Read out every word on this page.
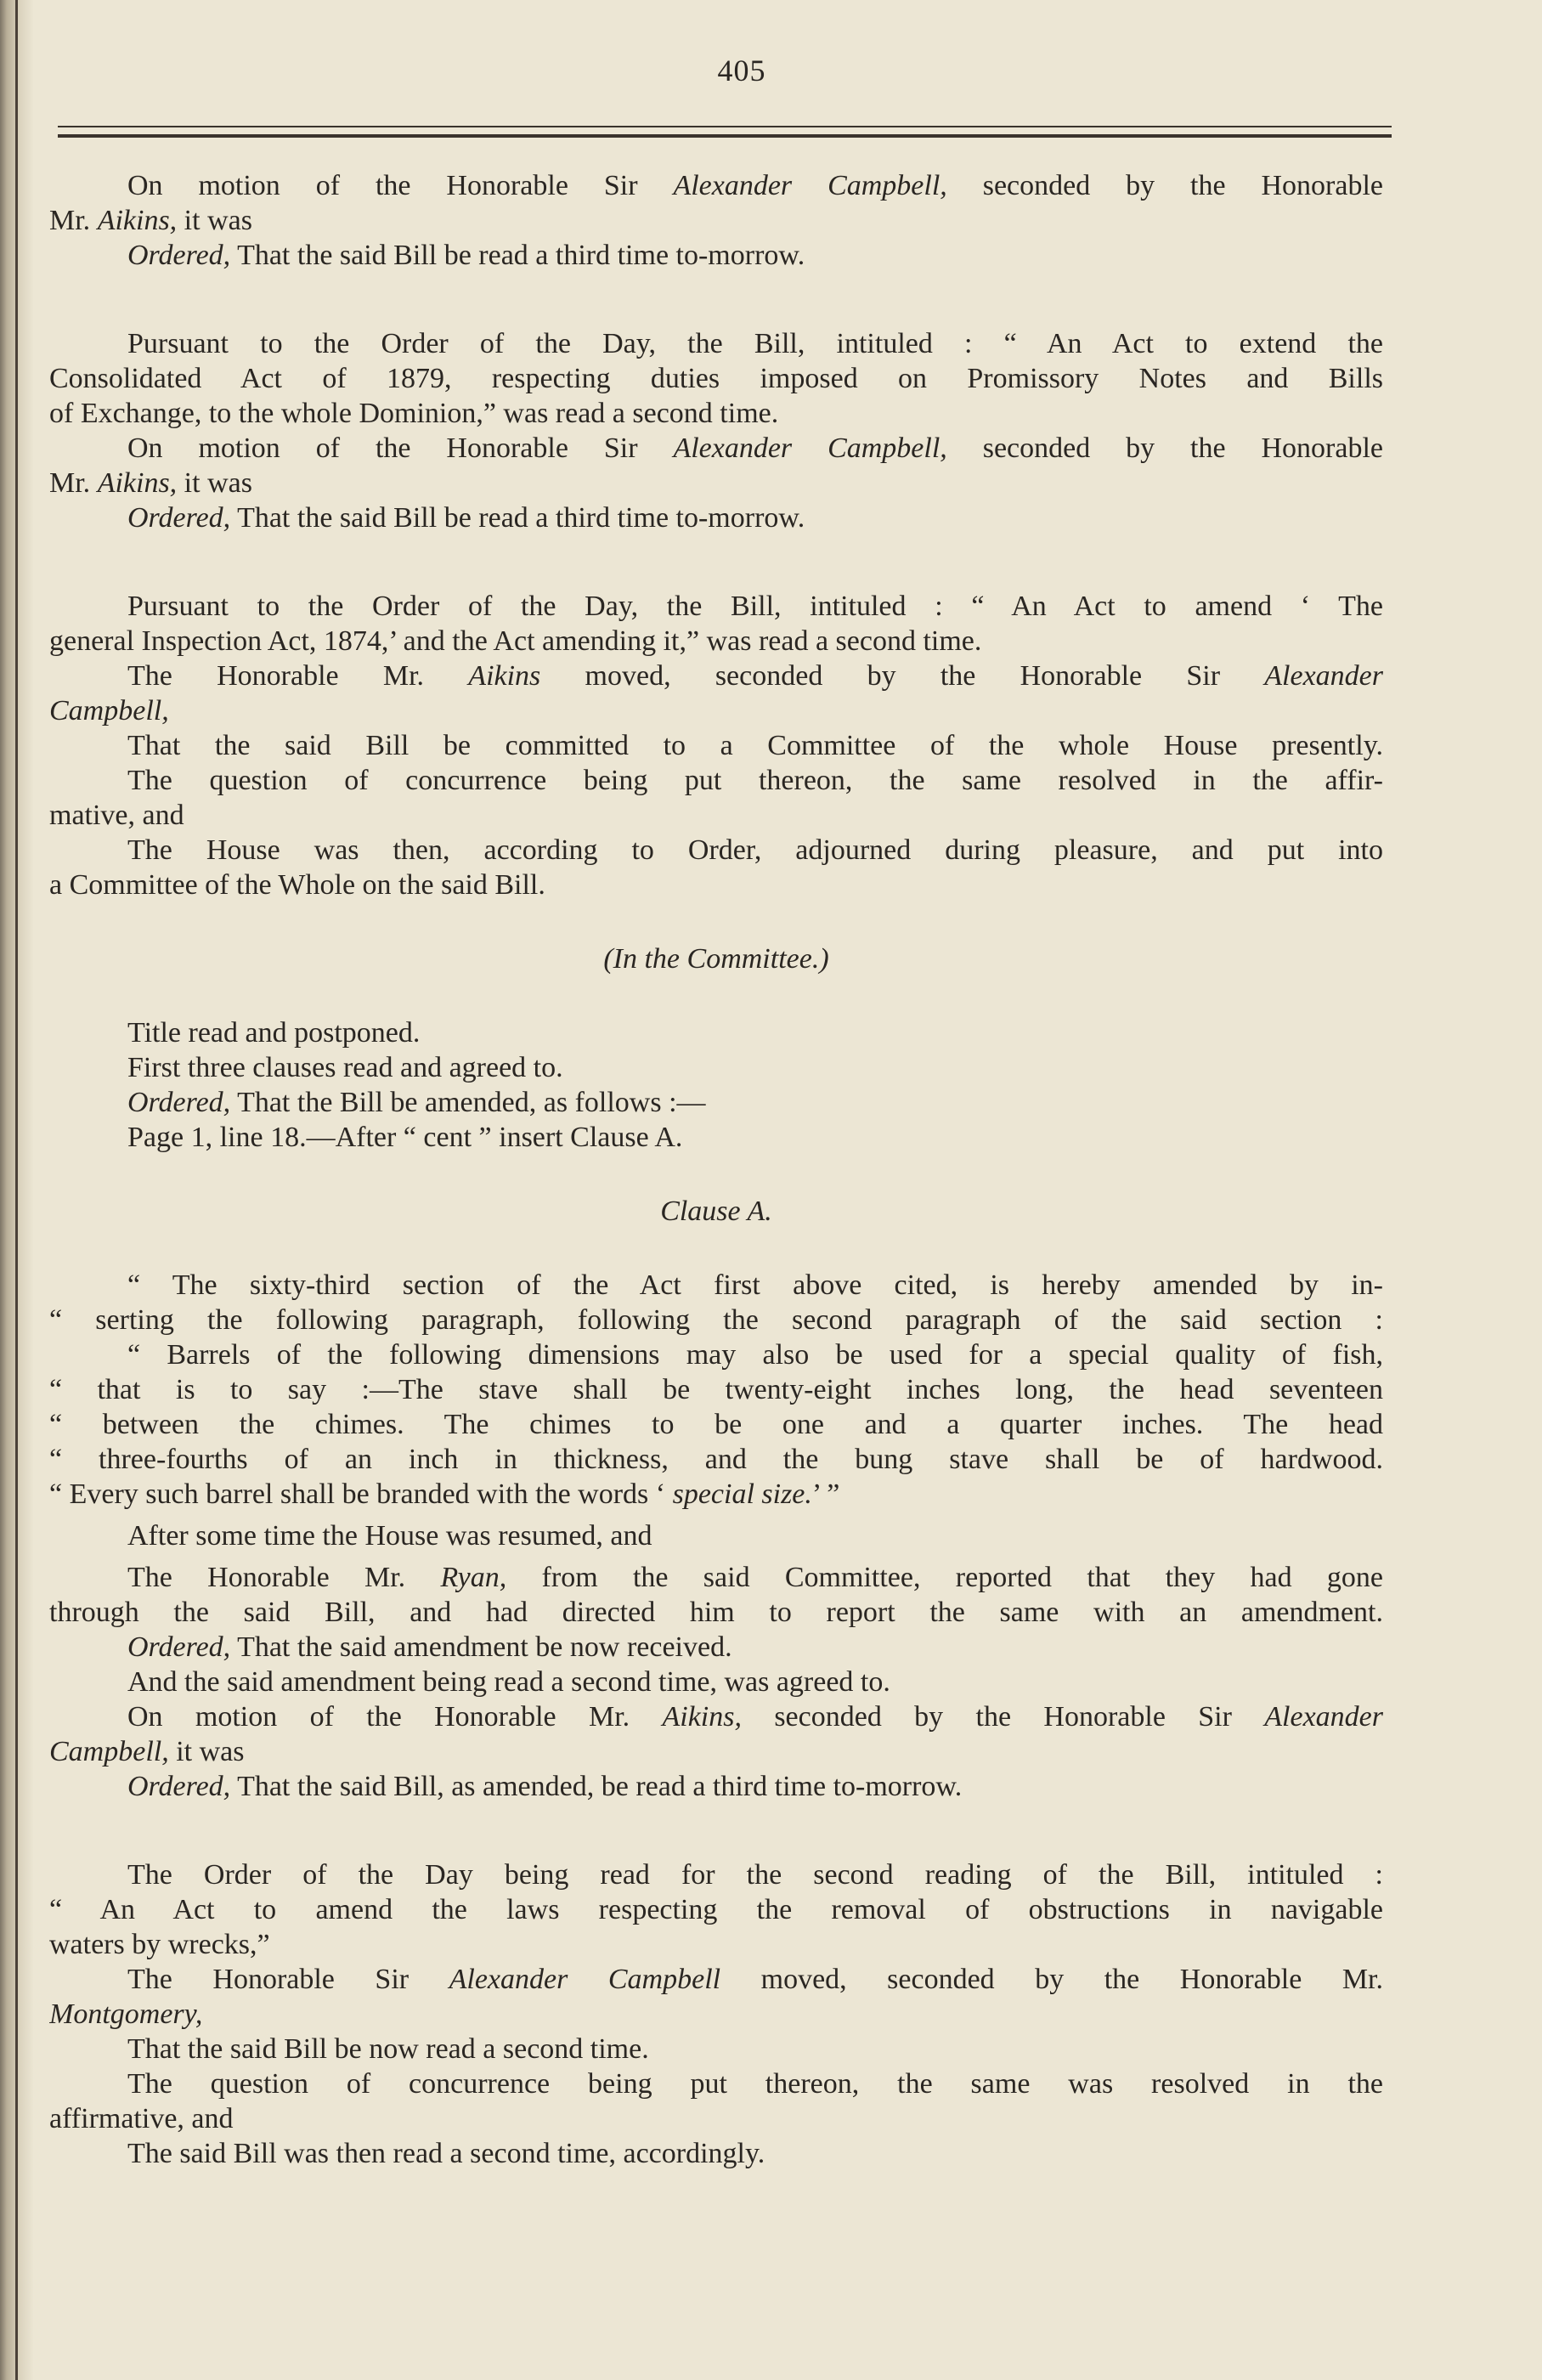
405
On motion of the Honorable Sir Alexander Campbell, seconded by the Honorable
Mr. Aikins, it was
Ordered, That the said Bill be read a third time to-morrow.
Pursuant to the Order of the Day, the Bill, intituled : “ An Act to extend the
Consolidated Act of 1879, respecting duties imposed on Promissory Notes and Bills
of Exchange, to the whole Dominion,” was read a second time.
On motion of the Honorable Sir Alexander Campbell, seconded by the Honorable
Mr. Aikins, it was
Ordered, That the said Bill be read a third time to-morrow.
Pursuant to the Order of the Day, the Bill, intituled : “ An Act to amend ‘ The
general Inspection Act, 1874,’ and the Act amending it,” was read a second time.
The Honorable Mr. Aikins moved, seconded by the Honorable Sir Alexander
Campbell,
That the said Bill be committed to a Committee of the whole House presently.
The question of concurrence being put thereon, the same resolved in the affir-
mative, and
The House was then, according to Order, adjourned during pleasure, and put into
a Committee of the Whole on the said Bill.
(In the Committee.)
Title read and postponed.
First three clauses read and agreed to.
Ordered, That the Bill be amended, as follows :—
Page 1, line 18.—After “ cent ” insert Clause A.
Clause A.
“ The sixty-third section of the Act first above cited, is hereby amended by in-
“ serting the following paragraph, following the second paragraph of the said section :
“ Barrels of the following dimensions may also be used for a special quality of fish,
“ that is to say :—The stave shall be twenty-eight inches long, the head seventeen
“ between the chimes. The chimes to be one and a quarter inches. The head
“ three-fourths of an inch in thickness, and the bung stave shall be of hardwood.
“ Every such barrel shall be branded with the words ‘ special size.’ ”
After some time the House was resumed, and
The Honorable Mr. Ryan, from the said Committee, reported that they had gone
through the said Bill, and had directed him to report the same with an amendment.
Ordered, That the said amendment be now received.
And the said amendment being read a second time, was agreed to.
On motion of the Honorable Mr. Aikins, seconded by the Honorable Sir Alexander
Campbell, it was
Ordered, That the said Bill, as amended, be read a third time to-morrow.
The Order of the Day being read for the second reading of the Bill, intituled :
“ An Act to amend the laws respecting the removal of obstructions in navigable
waters by wrecks,”
The Honorable Sir Alexander Campbell moved, seconded by the Honorable Mr.
Montgomery,
That the said Bill be now read a second time.
The question of concurrence being put thereon, the same was resolved in the
affirmative, and
The said Bill was then read a second time, accordingly.
